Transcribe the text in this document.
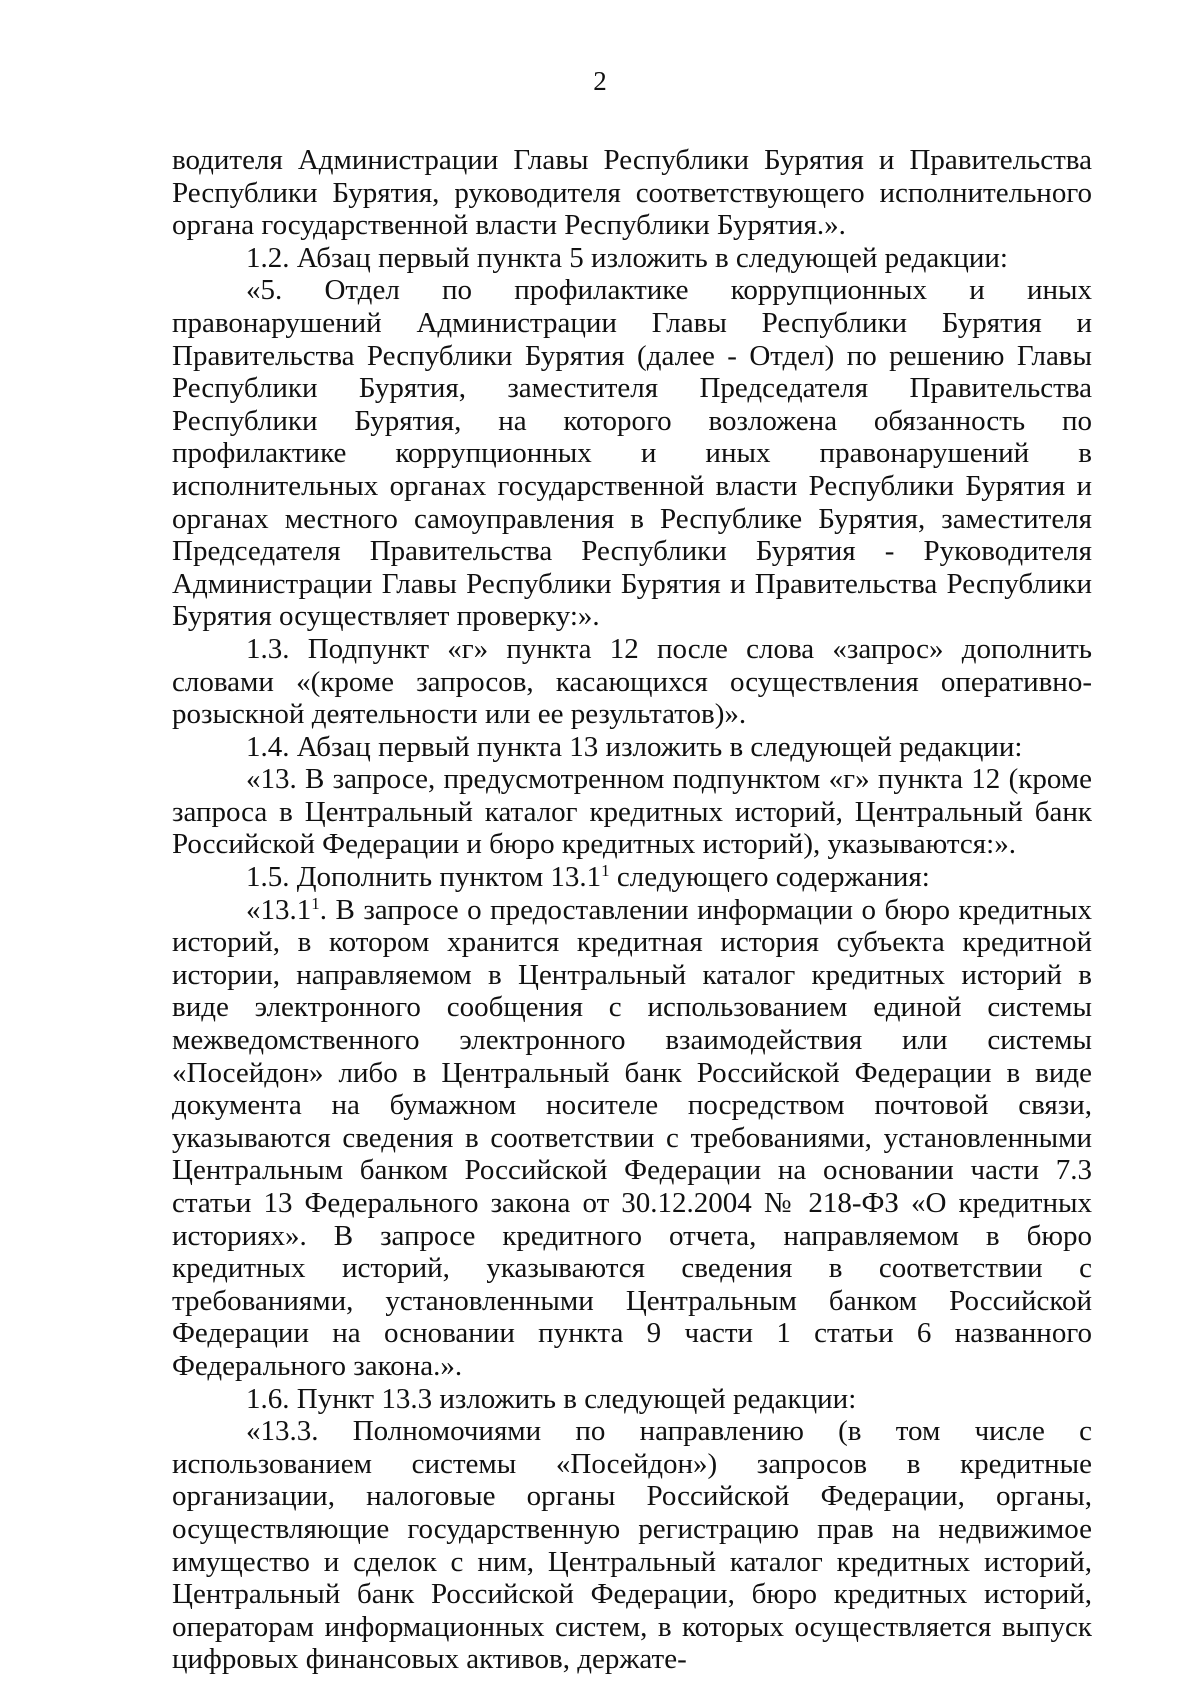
2

водителя Администрации Главы Республики Бурятия и Правительства Республики Бурятия, руководителя соответствующего исполнительного органа государственной власти Республики Бурятия.».

1.2. Абзац первый пункта 5 изложить в следующей редакции:

«5. Отдел по профилактике коррупционных и иных правонарушений Администрации Главы Республики Бурятия и Правительства Республики Бурятия (далее - Отдел) по решению Главы Республики Бурятия, заместителя Председателя Правительства Республики Бурятия, на которого возложена обязанность по профилактике коррупционных и иных правонарушений в исполнительных органах государственной власти Республики Бурятия и органах местного самоуправления в Республике Бурятия, заместителя Председателя Правительства Республики Бурятия - Руководителя Администрации Главы Республики Бурятия и Правительства Республики Бурятия осуществляет проверку:».

1.3. Подпункт «г» пункта 12 после слова «запрос» дополнить словами «(кроме запросов, касающихся осуществления оперативно-розыскной деятельности или ее результатов)».

1.4. Абзац первый пункта 13 изложить в следующей редакции:

«13. В запросе, предусмотренном подпунктом «г» пункта 12 (кроме запроса в Центральный каталог кредитных историй, Центральный банк Российской Федерации и бюро кредитных историй), указываются:».

1.5. Дополнить пунктом 13.1$^1$ следующего содержания:

«13.1$^1$. В запросе о предоставлении информации о бюро кредитных историй, в котором хранится кредитная история субъекта кредитной истории, направляемом в Центральный каталог кредитных историй в виде электронного сообщения с использованием единой системы межведомственного электронного взаимодействия или системы «Посейдон» либо в Центральный банк Российской Федерации в виде документа на бумажном носителе посредством почтовой связи, указываются сведения в соответствии с требованиями, установленными Центральным банком Российской Федерации на основании части 7.3 статьи 13 Федерального закона от 30.12.2004 № 218-ФЗ «О кредитных историях». В запросе кредитного отчета, направляемом в бюро кредитных историй, указываются сведения в соответствии с требованиями, установленными Центральным банком Российской Федерации на основании пункта 9 части 1 статьи 6 названного Федерального закона.».

1.6. Пункт 13.3 изложить в следующей редакции:

«13.3. Полномочиями по направлению (в том числе с использованием системы «Посейдон») запросов в кредитные организации, налоговые органы Российской Федерации, органы, осуществляющие государственную регистрацию прав на недвижимое имущество и сделок с ним, Центральный каталог кредитных историй, Центральный банк Российской Федерации, бюро кредитных историй, операторам информационных систем, в которых осуществляется выпуск цифровых финансовых активов, держате-
